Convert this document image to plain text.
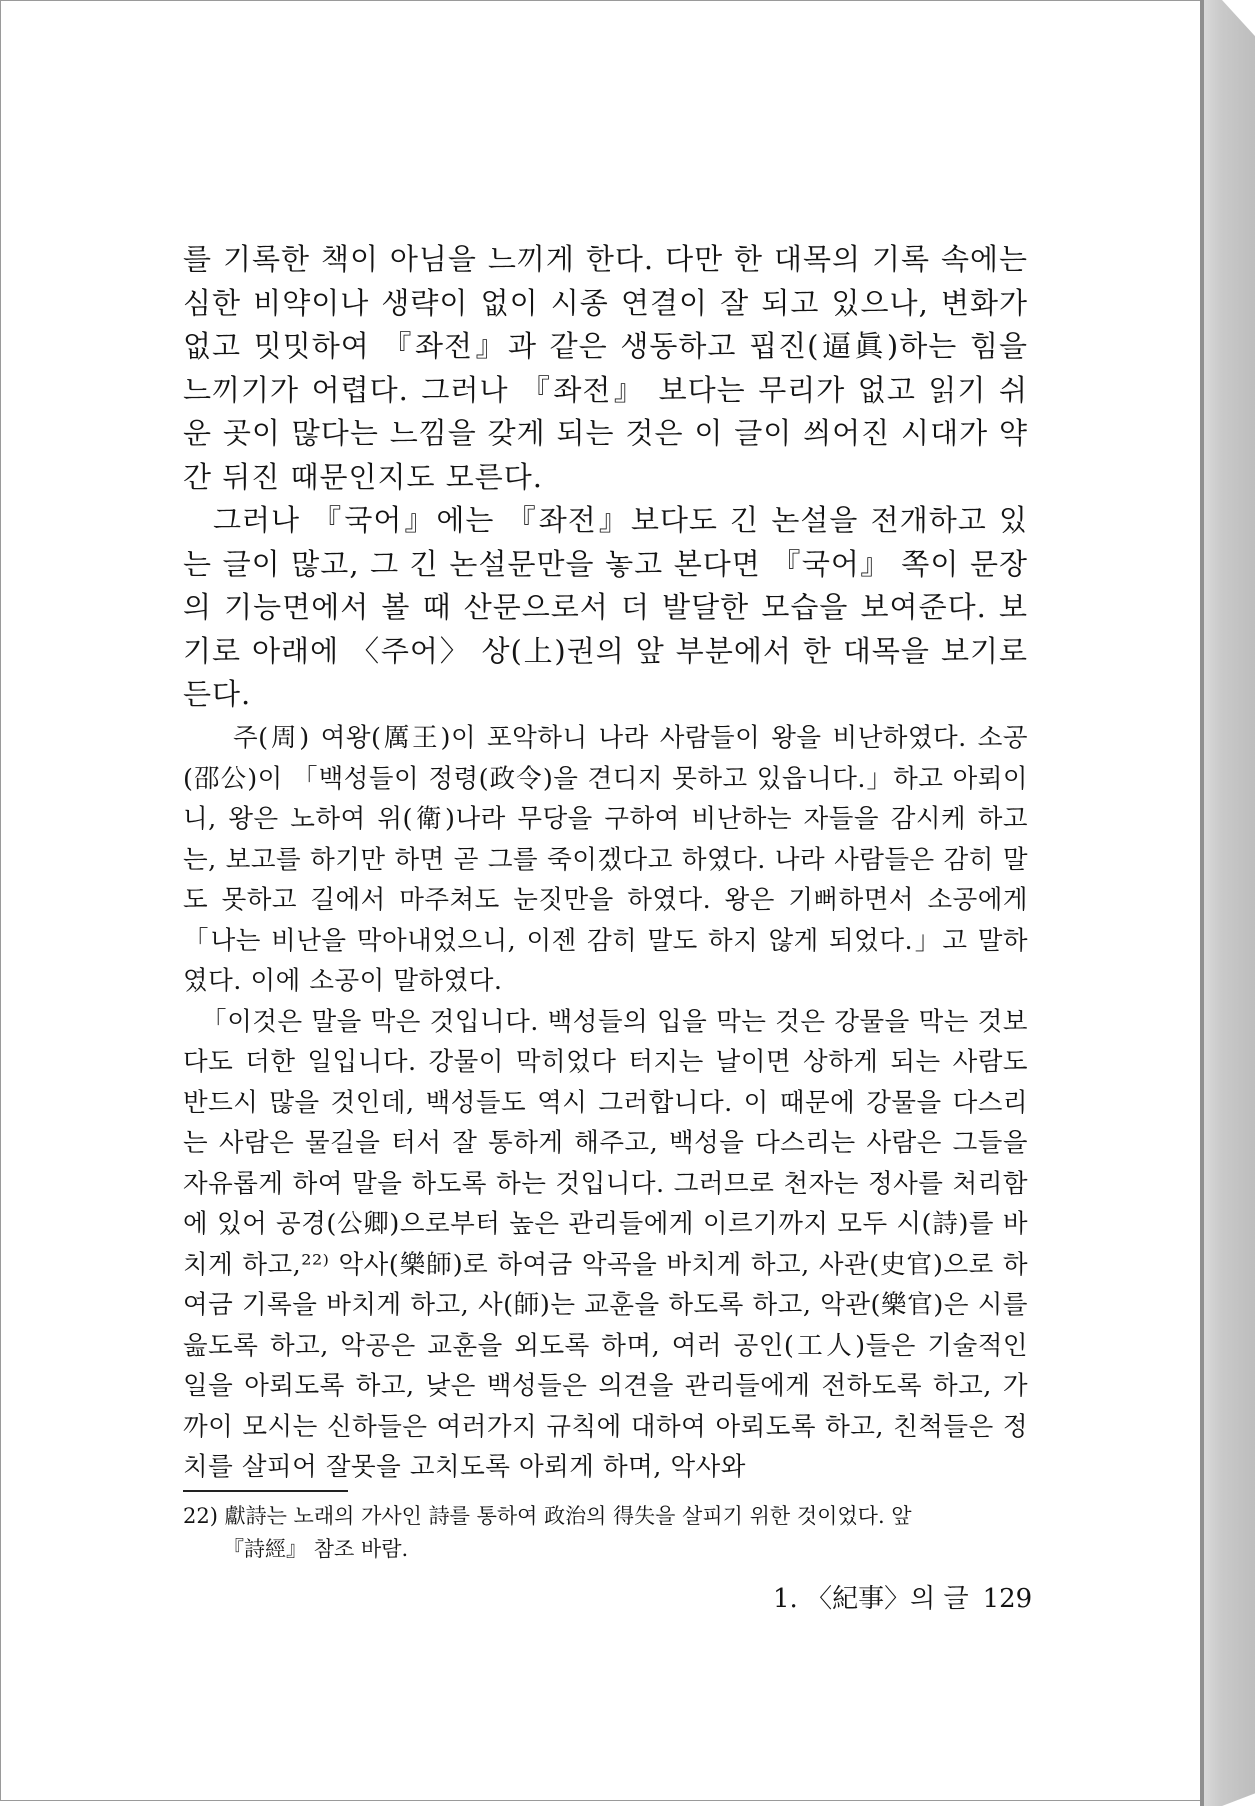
를 기록한 책이 아님을 느끼게 한다. 다만 한 대목의 기록 속에는 심한 비약이나 생략이 없이 시종 연결이 잘 되고 있으나, 변화가 없고 밋밋하여 『좌전』과 같은 생동하고 핍진(逼眞)하는 힘을 느끼기가 어렵다. 그러나 『좌전』 보다는 무리가 없고 읽기 쉬운 곳이 많다는 느낌을 갖게 되는 것은 이 글이 씌어진 시대가 약간 뒤진 때문인지도 모른다.

그러나 『국어』에는 『좌전』보다도 긴 논설을 전개하고 있는 글이 많고, 그 긴 논설문만을 놓고 본다면 『국어』 쪽이 문장의 기능면에서 볼 때 산문으로서 더 발달한 모습을 보여준다. 보기로 아래에 〈주어〉 상(上)권의 앞 부분에서 한 대목을 보기로 든다.

주(周) 여왕(厲王)이 포악하니 나라 사람들이 왕을 비난하였다. 소공(邵公)이 「백성들이 정령(政令)을 견디지 못하고 있읍니다.」하고 아뢰이니, 왕은 노하여 위(衛)나라 무당을 구하여 비난하는 자들을 감시케 하고는, 보고를 하기만 하면 곧 그를 죽이겠다고 하였다. 나라 사람들은 감히 말도 못하고 길에서 마주쳐도 눈짓만을 하였다. 왕은 기뻐하면서 소공에게 「나는 비난을 막아내었으니, 이젠 감히 말도 하지 않게 되었다.」고 말하였다. 이에 소공이 말하였다.

「이것은 말을 막은 것입니다. 백성들의 입을 막는 것은 강물을 막는 것보다도 더한 일입니다. 강물이 막히었다 터지는 날이면 상하게 되는 사람도 반드시 많을 것인데, 백성들도 역시 그러합니다. 이 때문에 강물을 다스리는 사람은 물길을 터서 잘 통하게 해주고, 백성을 다스리는 사람은 그들을 자유롭게 하여 말을 하도록 하는 것입니다. 그러므로 천자는 정사를 처리함에 있어 공경(公卿)으로부터 높은 관리들에게 이르기까지 모두 시(詩)를 바치게 하고,²²⁾ 악사(樂師)로 하여금 악곡을 바치게 하고, 사관(史官)으로 하여금 기록을 바치게 하고, 사(師)는 교훈을 하도록 하고, 악관(樂官)은 시를 읊도록 하고, 악공은 교훈을 외도록 하며, 여러 공인(工人)들은 기술적인 일을 아뢰도록 하고, 낮은 백성들은 의견을 관리들에게 전하도록 하고, 가까이 모시는 신하들은 여러가지 규칙에 대하여 아뢰도록 하고, 친척들은 정치를 살피어 잘못을 고치도록 아뢰게 하며, 악사와

22) 獻詩는 노래의 가사인 詩를 통하여 政治의 得失을 살피기 위한 것이었다. 앞
『詩經』 참조 바람.
1. 〈紀事〉의 글 129
